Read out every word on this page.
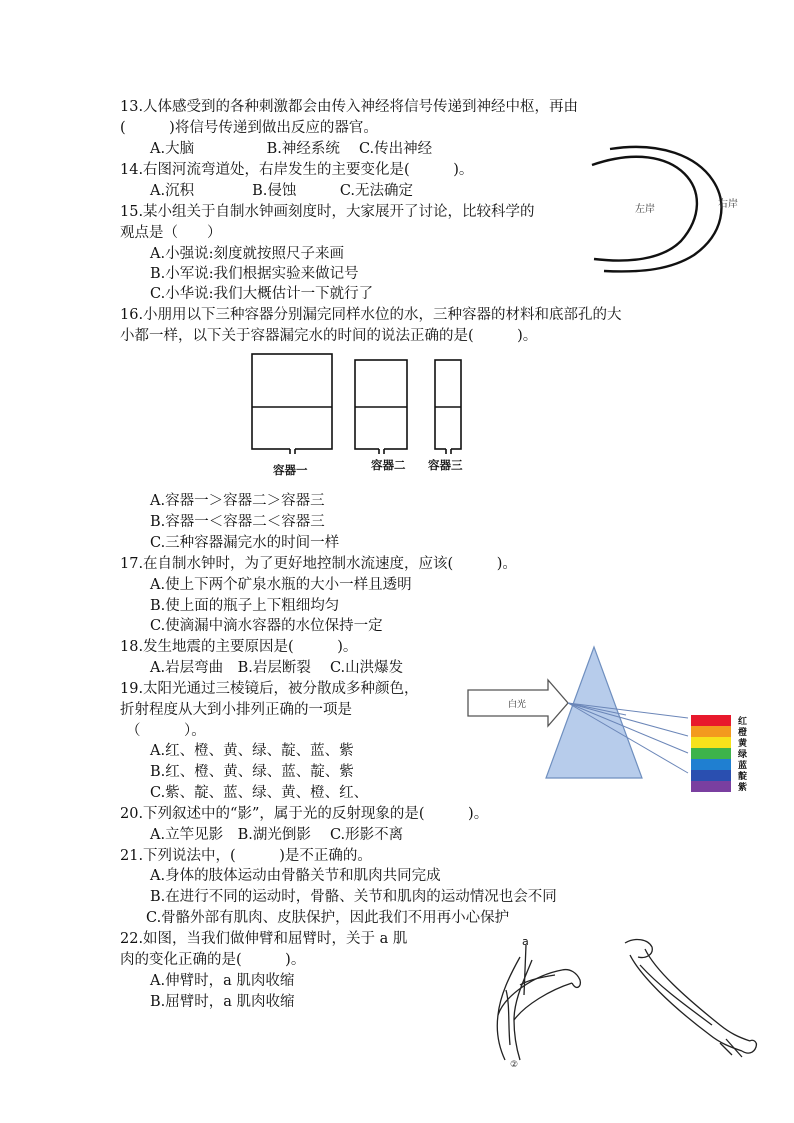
13.人体感受到的各种刺激都会由传入神经将信号传递到神经中枢，再由
(　　　)将信号传递到做出反应的器官。
A.大脑　　　　　B.神经系统　 C.传出神经
14.右图河流弯道处，右岸发生的主要变化是(　　　)。
A.沉积　　　　B.侵蚀　　　C.无法确定
左岸	右岸
15.某小组关于自制水钟画刻度时，大家展开了讨论，比较科学的
观点是（　　）
A.小强说:刻度就按照尺子来画
B.小军说:我们根据实验来做记号
C.小华说:我们大概估计一下就行了
16.小朋用以下三种容器分别漏完同样水位的水，三种容器的材料和底部孔的大
小都一样，以下关于容器漏完水的时间的说法正确的是(　　　)。
容器一	容器二 容器三
A.容器一＞容器二＞容器三
B.容器一＜容器二＜容器三
C.三种容器漏完水的时间一样
17.在自制水钟时，为了更好地控制水流速度，应该(　　　)。
A.使上下两个矿泉水瓶的大小一样且透明
B.使上面的瓶子上下粗细均匀
C.使滴漏中滴水容器的水位保持一定
18.发生地震的主要原因是(　　　)。
A.岩层弯曲　B.岩层断裂　 C.山洪爆发
19.太阳光通过三棱镜后，被分散成多种颜色，
折射程度从大到小排列正确的一项是
（　　　）。
A.红、橙、黄、绿、靛、蓝、紫
B.红、橙、黄、绿、蓝、靛、紫
C.紫、靛、蓝、绿、黄、橙、红、
白光
红
橙
黄
绿
蓝
靛
紫
20.下列叙述中的“影”，属于光的反射现象的是(　　　)。
A.立竿见影　B.湖光倒影　 C.形影不离
21.下列说法中，(　　　)是不正确的。
A.身体的肢体运动由骨骼关节和肌肉共同完成
B.在进行不同的运动时，骨骼、关节和肌肉的运动情况也会不同
C.骨骼外部有肌肉、皮肤保护，因此我们不用再小心保护
22.如图，当我们做伸臂和屈臂时，关于 a 肌
肉的变化正确的是(　　　)。
A.伸臂时，a 肌肉收缩
B.屈臂时，a 肌肉收缩
a
②
